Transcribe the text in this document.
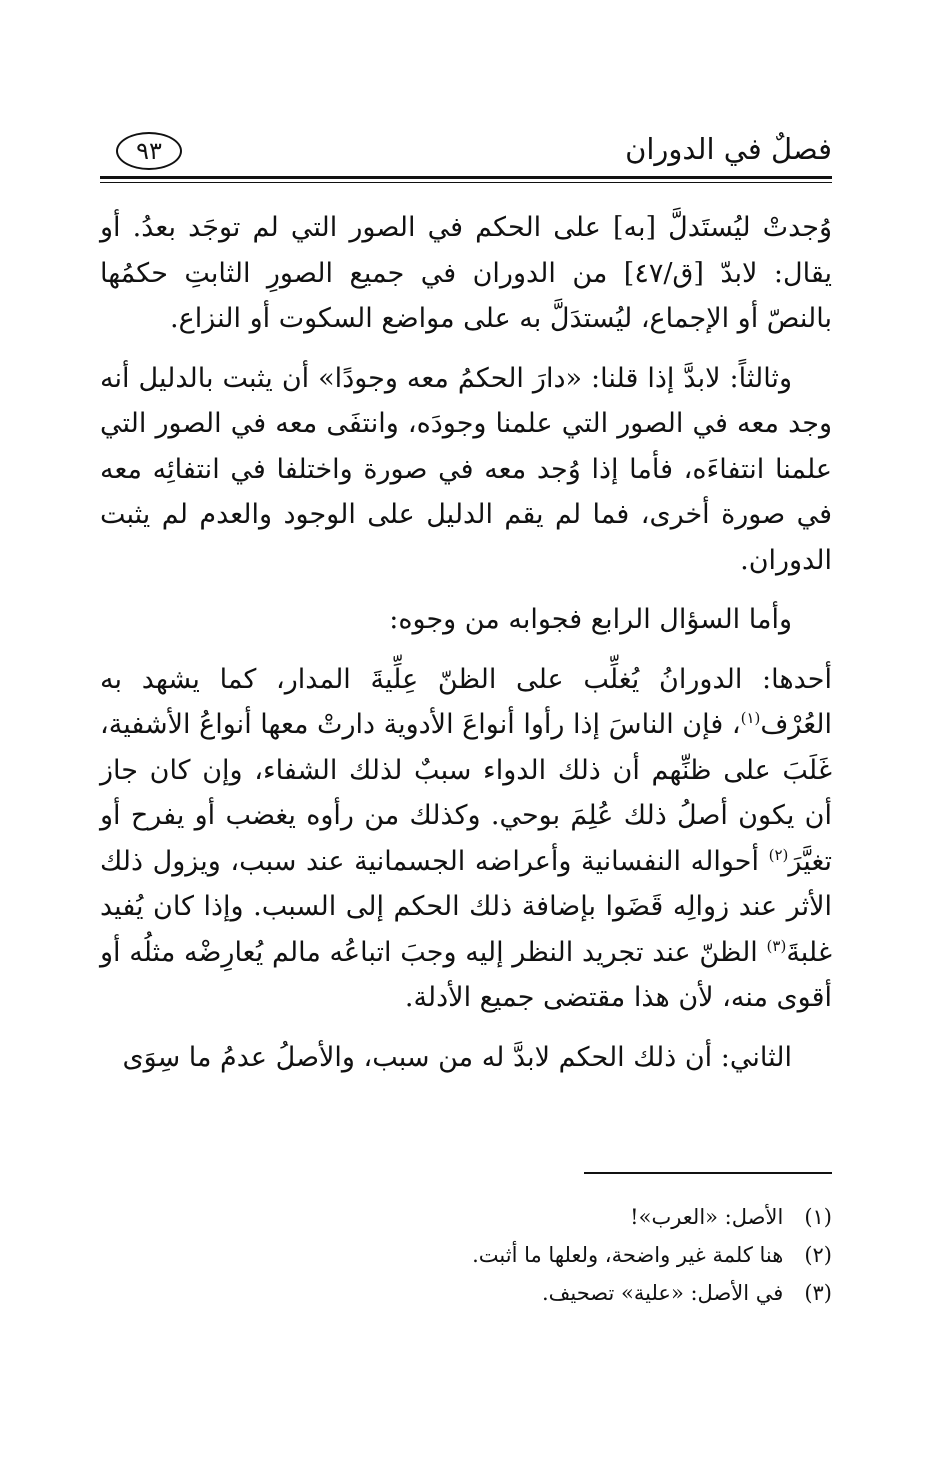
فصلٌ في الدوران
٩٣

وُجدتْ ليُستَدلَّ [به] على الحكم في الصور التي لم توجَد بعدُ. أو يقال: لابدّ [ق/٤٧] من الدوران في جميع الصورِ الثابتِ حكمُها بالنصّ أو الإجماع، ليُستدَلَّ به على مواضع السكوت أو النزاع.

وثالثاً: لابدَّ إذا قلنا: «دارَ الحكمُ معه وجودًا» أن يثبت بالدليل أنه وجد معه في الصور التي علمنا وجودَه، وانتفَى معه في الصور التي علمنا انتفاءَه، فأما إذا وُجد معه في صورة واختلفا في انتفائِه معه في صورة أخرى، فما لم يقم الدليل على الوجود والعدم لم يثبت الدوران.

وأما السؤال الرابع فجوابه من وجوه:

أحدها: الدورانُ يُغلِّب على الظنّ عِلِّيةَ المدار، كما يشهد به العُرْف$^{(١)}$، فإن الناسَ إذا رأوا أنواعَ الأدوية دارتْ معها أنواعُ الأشفية، غَلَبَ على ظنِّهم أن ذلك الدواء سببٌ لذلك الشفاء، وإن كان جاز أن يكون أصلُ ذلك عُلِمَ بوحي. وكذلك من رأوه يغضب أو يفرح أو تغيَّرَ$^{(٢)}$ أحواله النفسانية وأعراضه الجسمانية عند سبب، ويزول ذلك الأثر عند زوالِه قَضَوا بإضافة ذلك الحكم إلى السبب. وإذا كان يُفيد غلبةَ$^{(٣)}$ الظنّ عند تجريد النظر إليه وجبَ اتباعُه مالم يُعارِضْه مثلُه أو أقوى منه، لأن هذا مقتضى جميع الأدلة.

الثاني: أن ذلك الحكم لابدَّ له من سبب، والأصلُ عدمُ ما سِوَى

(١) الأصل: «العرب»!

(٢) هنا كلمة غير واضحة، ولعلها ما أثبت.

(٣) في الأصل: «علية» تصحيف.
